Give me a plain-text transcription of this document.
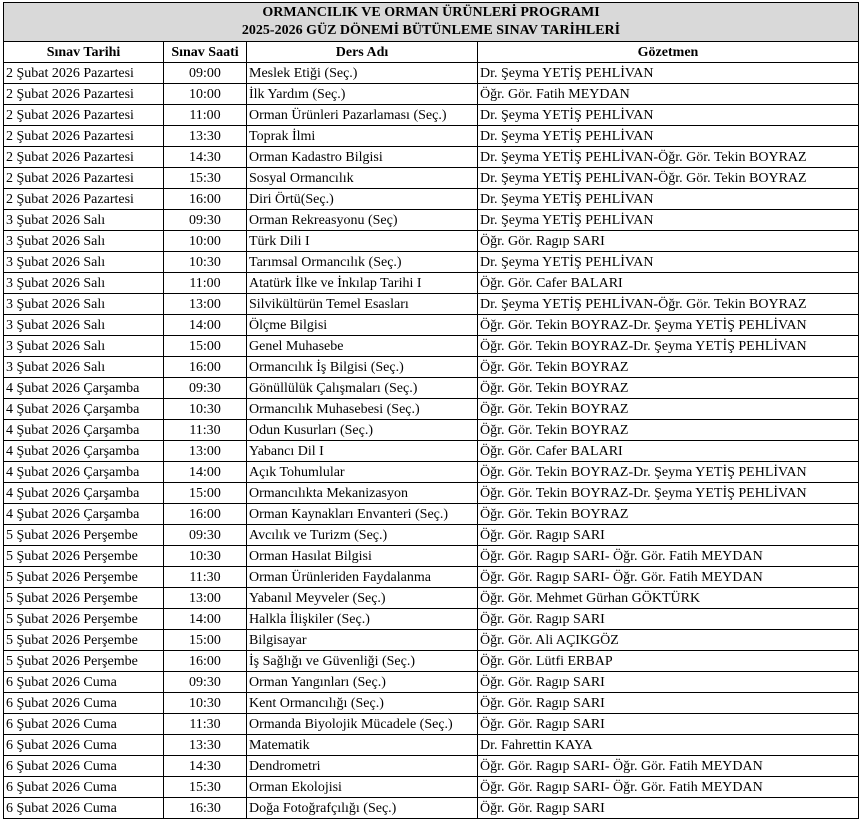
ORMANCILIK VE ORMAN ÜRÜNLERİ PROGRAMI
2025-2026 GÜZ DÖNEMİ BÜTÜNLEME SINAV TARİHLERİ			

Sınav Tarihi	Sınav Saati	Ders Adı	Gözetmen
2 Şubat 2026 Pazartesi	09:00	Meslek Etiği (Seç.)	Dr. Şeyma YETİŞ PEHLİVAN
2 Şubat 2026 Pazartesi	10:00	İlk Yardım (Seç.)	Öğr. Gör. Fatih MEYDAN
2 Şubat 2026 Pazartesi	11:00	Orman Ürünleri Pazarlaması (Seç.)	Dr. Şeyma YETİŞ PEHLİVAN
2 Şubat 2026 Pazartesi	13:30	Toprak İlmi	Dr. Şeyma YETİŞ PEHLİVAN
2 Şubat 2026 Pazartesi	14:30	Orman Kadastro Bilgisi	Dr. Şeyma YETİŞ PEHLİVAN-Öğr. Gör. Tekin BOYRAZ
2 Şubat 2026 Pazartesi	15:30	Sosyal Ormancılık	Dr. Şeyma YETİŞ PEHLİVAN-Öğr. Gör. Tekin BOYRAZ
2 Şubat 2026 Pazartesi	16:00	Diri Örtü(Seç.)	Dr. Şeyma YETİŞ PEHLİVAN
3 Şubat 2026 Salı	09:30	Orman Rekreasyonu (Seç)	Dr. Şeyma YETİŞ PEHLİVAN
3 Şubat 2026 Salı	10:00	Türk Dili I	Öğr. Gör. Ragıp SARI
3 Şubat 2026 Salı	10:30	Tarımsal Ormancılık (Seç.)	Dr. Şeyma YETİŞ PEHLİVAN
3 Şubat 2026 Salı	11:00	Atatürk İlke ve İnkılap Tarihi I	Öğr. Gör. Cafer BALARI
3 Şubat 2026 Salı	13:00	Silvikültürün Temel Esasları	Dr. Şeyma YETİŞ PEHLİVAN-Öğr. Gör. Tekin BOYRAZ
3 Şubat 2026 Salı	14:00	Ölçme Bilgisi	Öğr. Gör. Tekin BOYRAZ-Dr. Şeyma YETİŞ PEHLİVAN
3 Şubat 2026 Salı	15:00	Genel Muhasebe	Öğr. Gör. Tekin BOYRAZ-Dr. Şeyma YETİŞ PEHLİVAN
3 Şubat 2026 Salı	16:00	Ormancılık İş Bilgisi (Seç.)	Öğr. Gör. Tekin BOYRAZ
4 Şubat 2026 Çarşamba	09:30	Gönüllülük Çalışmaları (Seç.)	Öğr. Gör. Tekin BOYRAZ
4 Şubat 2026 Çarşamba	10:30	Ormancılık Muhasebesi (Seç.)	Öğr. Gör. Tekin BOYRAZ
4 Şubat 2026 Çarşamba	11:30	Odun Kusurları (Seç.)	Öğr. Gör. Tekin BOYRAZ
4 Şubat 2026 Çarşamba	13:00	Yabancı Dil I	Öğr. Gör. Cafer BALARI
4 Şubat 2026 Çarşamba	14:00	Açık Tohumlular	Öğr. Gör. Tekin BOYRAZ-Dr. Şeyma YETİŞ PEHLİVAN
4 Şubat 2026 Çarşamba	15:00	Ormancılıkta Mekanizasyon	Öğr. Gör. Tekin BOYRAZ-Dr. Şeyma YETİŞ PEHLİVAN
4 Şubat 2026 Çarşamba	16:00	Orman Kaynakları Envanteri (Seç.)	Öğr. Gör. Tekin BOYRAZ
5 Şubat 2026 Perşembe	09:30	Avcılık ve Turizm (Seç.)	Öğr. Gör. Ragıp SARI
5 Şubat 2026 Perşembe	10:30	Orman Hasılat Bilgisi	Öğr. Gör. Ragıp SARI- Öğr. Gör. Fatih MEYDAN
5 Şubat 2026 Perşembe	11:30	Orman Ürünleriden Faydalanma	Öğr. Gör. Ragıp SARI- Öğr. Gör. Fatih MEYDAN
5 Şubat 2026 Perşembe	13:00	Yabanıl Meyveler (Seç.)	Öğr. Gör. Mehmet Gürhan GÖKTÜRK
5 Şubat 2026 Perşembe	14:00	Halkla İlişkiler (Seç.)	Öğr. Gör. Ragıp SARI
5 Şubat 2026 Perşembe	15:00	Bilgisayar	Öğr. Gör. Ali AÇIKGÖZ
5 Şubat 2026 Perşembe	16:00	İş Sağlığı ve Güvenliği (Seç.)	Öğr. Gör. Lütfi ERBAP
6 Şubat 2026 Cuma	09:30	Orman Yangınları (Seç.)	Öğr. Gör. Ragıp SARI
6 Şubat 2026 Cuma	10:30	Kent Ormancılığı (Seç.)	Öğr. Gör. Ragıp SARI
6 Şubat 2026 Cuma	11:30	Ormanda Biyolojik Mücadele (Seç.)	Öğr. Gör. Ragıp SARI
6 Şubat 2026 Cuma	13:30	Matematik	Dr. Fahrettin KAYA
6 Şubat 2026 Cuma	14:30	Dendrometri	Öğr. Gör. Ragıp SARI- Öğr. Gör. Fatih MEYDAN
6 Şubat 2026 Cuma	15:30	Orman Ekolojisi	Öğr. Gör. Ragıp SARI- Öğr. Gör. Fatih MEYDAN
6 Şubat 2026 Cuma	16:30	Doğa Fotoğrafçılığı (Seç.)	Öğr. Gör. Ragıp SARI
